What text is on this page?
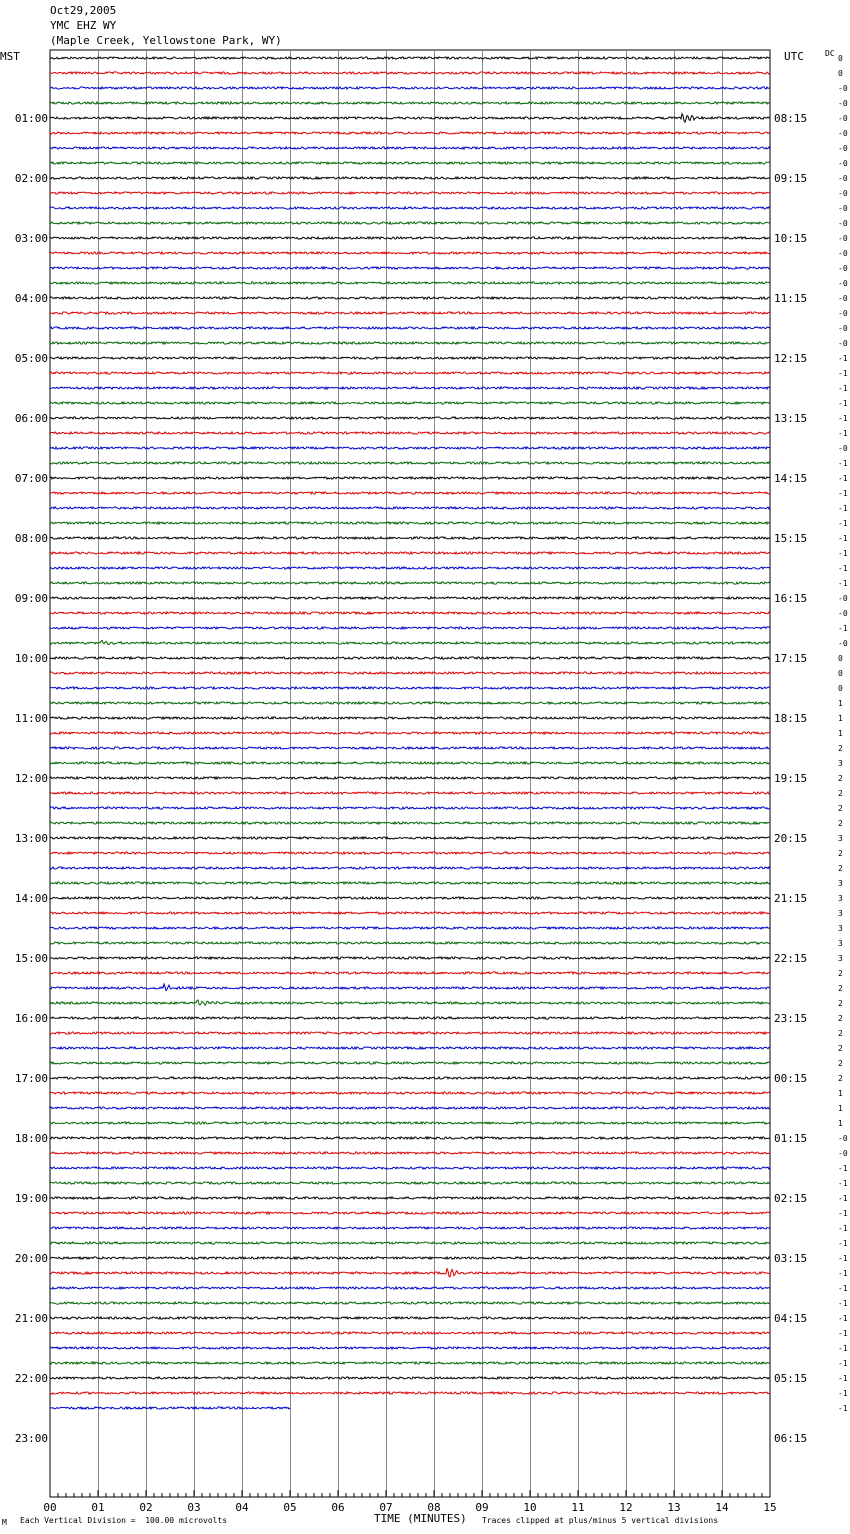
Oct29,2005
YMC EHZ WY
(Maple Creek, Yellowstone Park, WY)
MST	UTC	DC
0
0
-0
-0
-0
-0
-0
-0
-0
-0
-0
-0
-0
-0
-0
-0
-0
-0
-0
-0
-1
-1
-1
-1
-1
-1
-0
-1
-1
-1
-1
-1
-1
-1
-1
-1
-0
-0
-1
-0
0
0
0
1
1
1
2
3
2
2
2
2
3
2
2
3
3
3
3
3
3
2
2
2
2
2
2
2
2
1
1
1
-0
-0
-1
-1
-1
-1
-1
-1
-1
-1
-1
-1
-1
-1
-1
-1
-1
-1
-1
01:00
02:00
03:00
04:00
05:00
06:00
07:00
08:00
09:00
10:00
11:00
12:00
13:00
14:00
15:00
16:00
17:00
18:00
19:00
20:00
21:00
22:00
23:00
08:15
09:15
10:15
11:15
12:15
13:15
14:15
15:15
16:15
17:15
18:15
19:15
20:15
21:15
22:15
23:15
00:15
01:15
02:15
03:15
04:15
05:15
06:15
00	01	02	03	04	05	06	07	08	09	10	11	12	13	14	15
M Each Vertical Division =  100.00 microvolts	TIME (MINUTES) Traces clipped at plus/minus 5 vertical divisions
